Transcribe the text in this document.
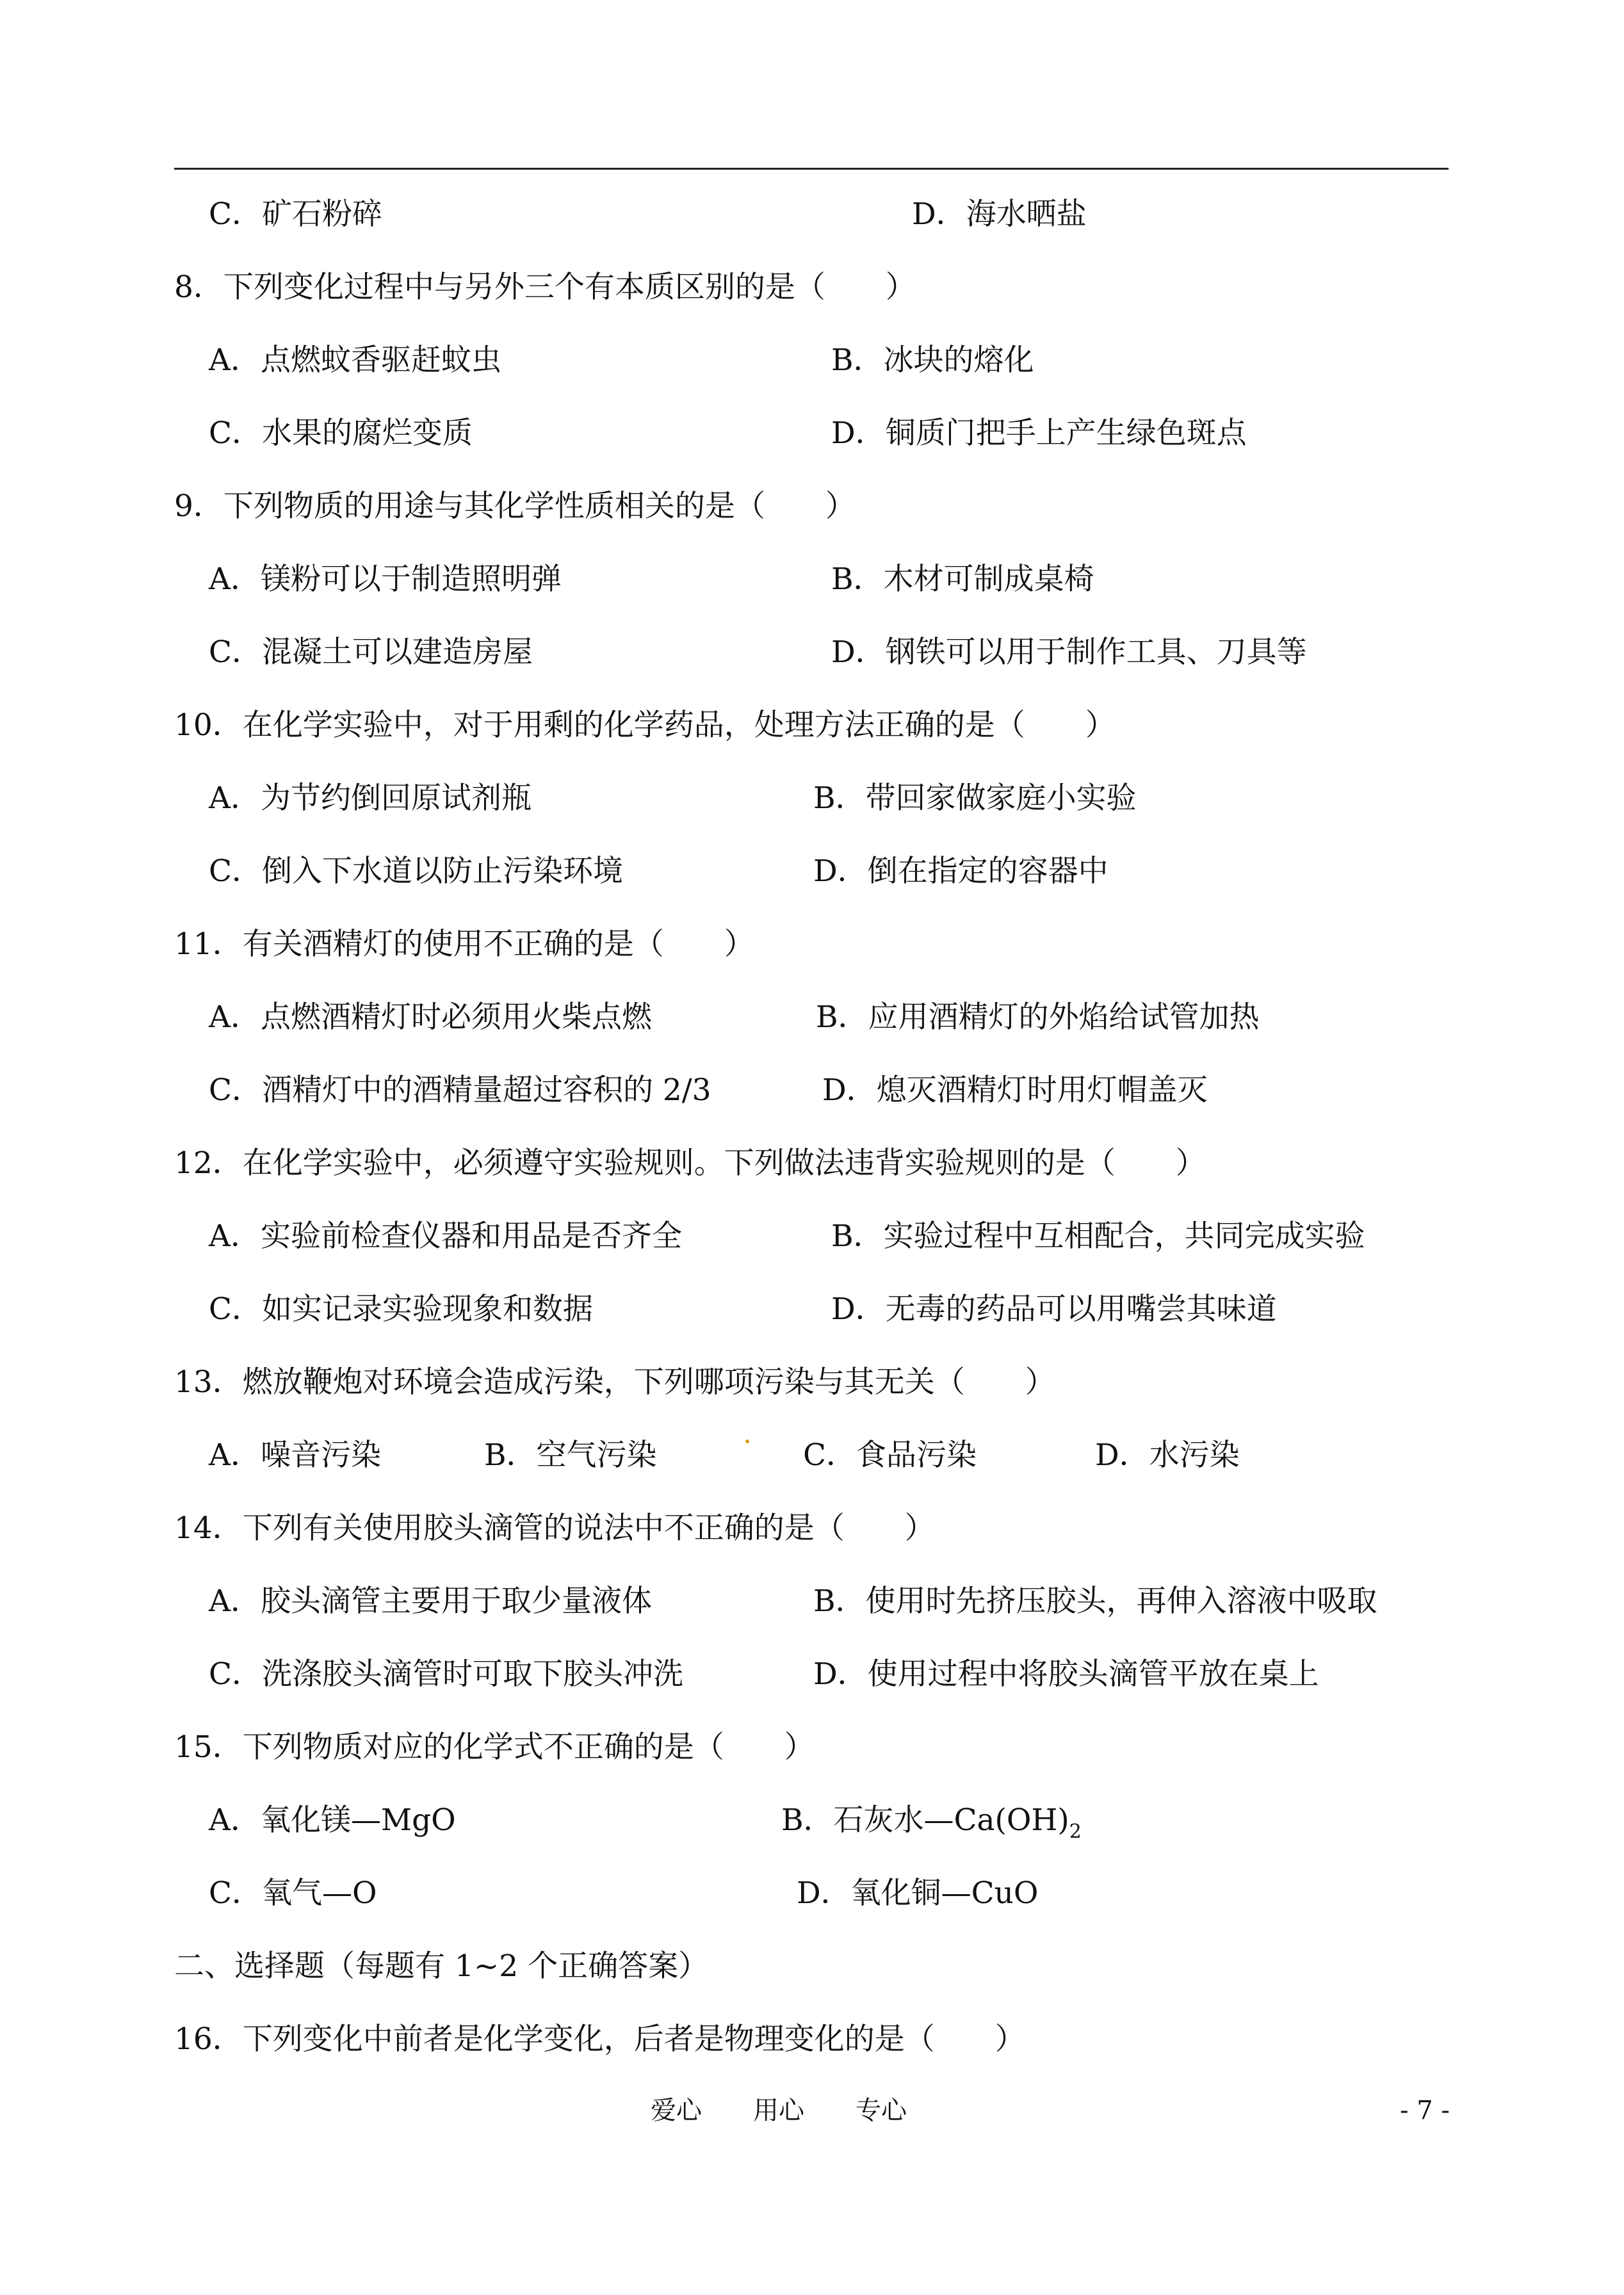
C．矿石粉碎	D．海水晒盐
8．下列变化过程中与另外三个有本质区别的是（　　）
A．点燃蚊香驱赶蚊虫	B．冰块的熔化
C．水果的腐烂变质	D．铜质门把手上产生绿色斑点
9．下列物质的用途与其化学性质相关的是（　　）
A．镁粉可以于制造照明弹	B．木材可制成桌椅
C．混凝土可以建造房屋	D．钢铁可以用于制作工具、刀具等
10．在化学实验中，对于用剩的化学药品，处理方法正确的是（　　）
A．为节约倒回原试剂瓶	B．带回家做家庭小实验
C．倒入下水道以防止污染环境	D．倒在指定的容器中
11．有关酒精灯的使用不正确的是（　　）
A．点燃酒精灯时必须用火柴点燃	B．应用酒精灯的外焰给试管加热
C．酒精灯中的酒精量超过容积的 2/3	D．熄灭酒精灯时用灯帽盖灭
12．在化学实验中，必须遵守实验规则。下列做法违背实验规则的是（　　）
A．实验前检查仪器和用品是否齐全	B．实验过程中互相配合，共同完成实验
C．如实记录实验现象和数据	D．无毒的药品可以用嘴尝其味道
13．燃放鞭炮对环境会造成污染，下列哪项污染与其无关（　　）
A．噪音污染	B．空气污染	C．食品污染	D．水污染
14．下列有关使用胶头滴管的说法中不正确的是（　　）
A．胶头滴管主要用于取少量液体	B．使用时先挤压胶头，再伸入溶液中吸取
C．洗涤胶头滴管时可取下胶头冲洗	D．使用过程中将胶头滴管平放在桌上
15．下列物质对应的化学式不正确的是（　　）
A．氧化镁—MgO	B．石灰水$—Ca(OH)_2$
C．氧气—O	D．氧化铜—CuO
二、选择题（每题有 1~2 个正确答案）
16．下列变化中前者是化学变化，后者是物理变化的是（　　）
爱心　　用心　　专心	- 7 -
